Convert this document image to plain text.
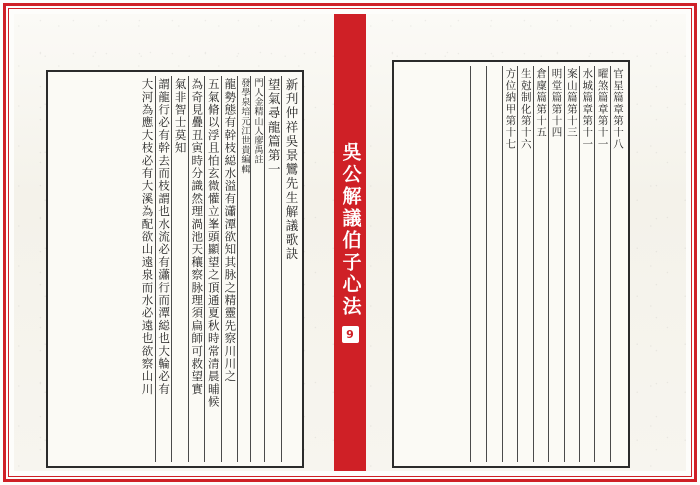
官星篇章第十八
曜煞篇章第十一
水城篇章第十一
案山篇第十三
明堂篇第十四
倉廩篇第十五
生尅制化第十六
方位納甲第十七
吳公解議伯子心法
9
新刋仲祥吳景鸞先生解議歌訣
望氣尋龍篇第一
門人金精山人廖禹註
發學泉培元江世貴編輯
龍勢態有幹枝縂水溢有瀟潭欲知其脉之精靈先察川川之
五氣脩以浮且怕玄微懽立峯頭顯望之頂通夏秋時常清晨晡候
為奇見疊丑寅時分識然理渦池天穰察脉理須扁師可救望實
氣非智士莫知
謂龍行必有幹去而枝謂也水流必有瀟行而潭縂也大輪必有
大河為應大枝必有大溪為配欲山遠泉而水必遠也欲察山川
